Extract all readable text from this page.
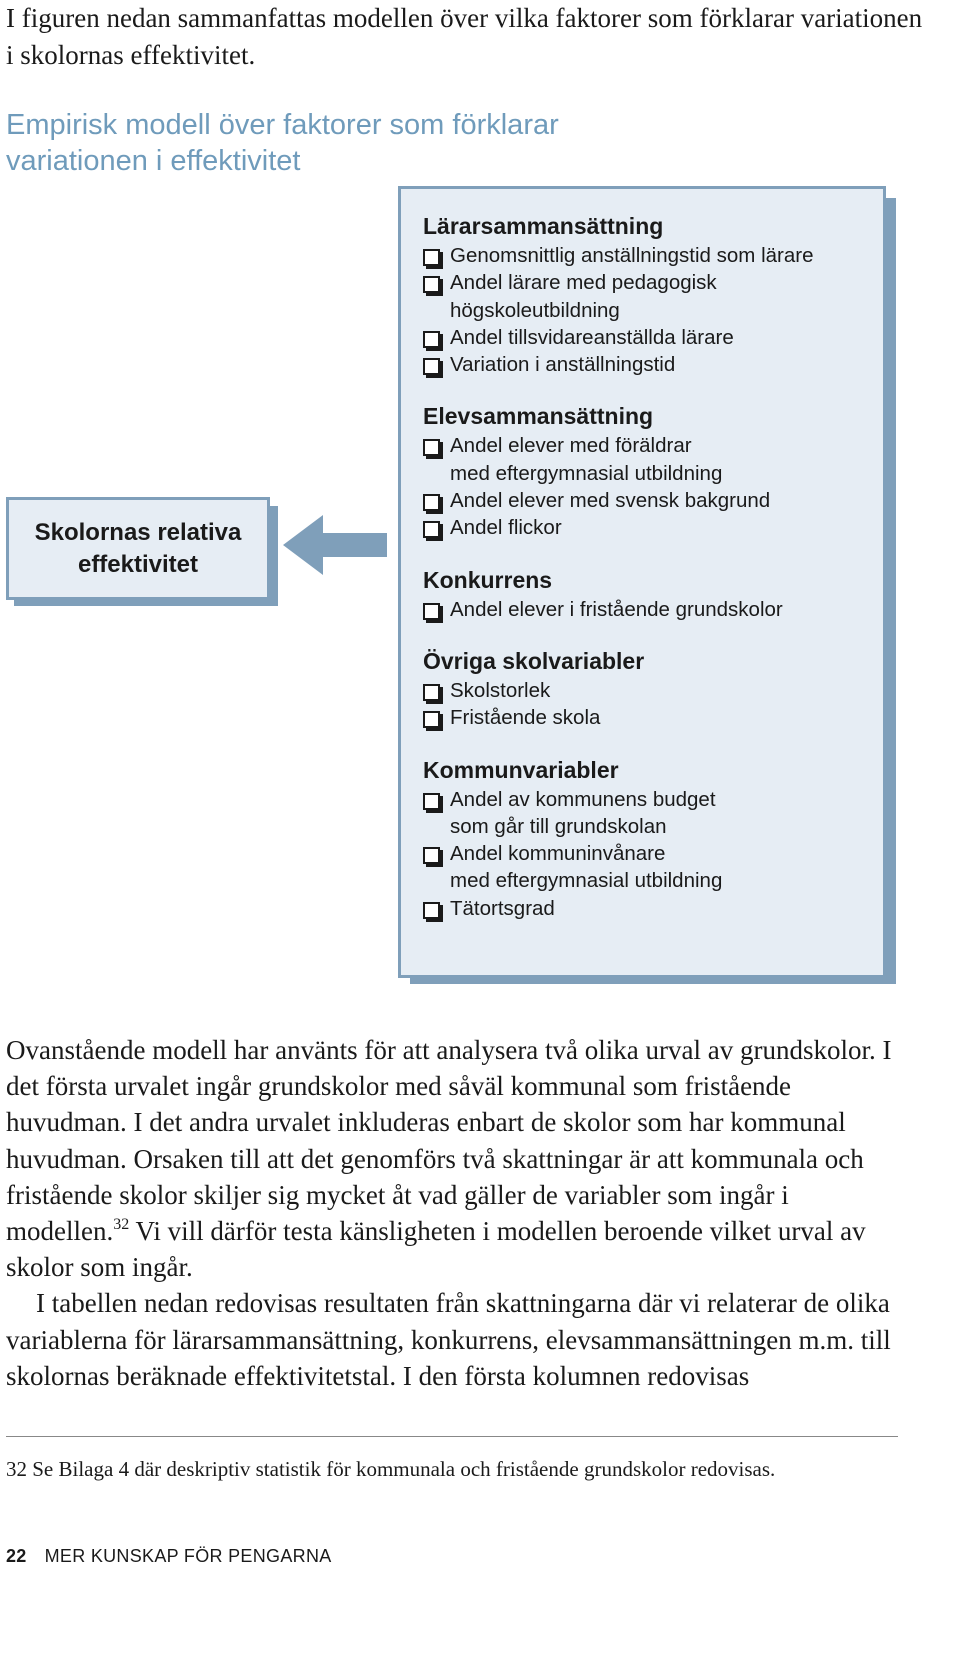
I figuren nedan sammanfattas modellen över vilka faktorer som förklarar variationen i skolornas effektivitet.

Empirisk modell över faktorer som förklarar variationen i effektivitet
Skolornas relativa effektivitet
Lärarsammansättning
Genomsnittlig anställningstid som lärare
Andel lärare med pedagogisk
högskoleutbildning
Andel tillsvidareanställda lärare
Variation i anställningstid
Elevsammansättning
Andel elever med föräldrar
med eftergymnasial utbildning
Andel elever med svensk bakgrund
Andel flickor
Konkurrens
Andel elever i fristående grundskolor
Övriga skolvariabler
Skolstorlek
Fristående skola
Kommunvariabler
Andel av kommunens budget
som går till grundskolan
Andel kommuninvånare
med eftergymnasial utbildning
Tätortsgrad

Ovanstående modell har använts för att analysera två olika urval av grundskolor. I det första urvalet ingår grundskolor med såväl kommunal som fristående huvudman. I det andra urvalet inkluderas enbart de skolor som har kommunal huvudman. Orsaken till att det genomförs två skattningar är att kommunala och fristående skolor skiljer sig mycket åt vad gäller de variabler som ingår i modellen.$^{32}$ Vi vill därför testa känsligheten i modellen beroende vilket urval av skolor som ingår.

I tabellen nedan redovisas resultaten från skattningarna där vi relaterar de olika variablerna för lärarsammansättning, konkurrens, elevsammansättningen m.m. till skolornas beräknade effektivitetstal. I den första kolumnen redovisas

32 Se Bilaga 4 där deskriptiv statistik för kommunala och fristående grundskolor redovisas.

22 MER KUNSKAP FÖR PENGARNA
